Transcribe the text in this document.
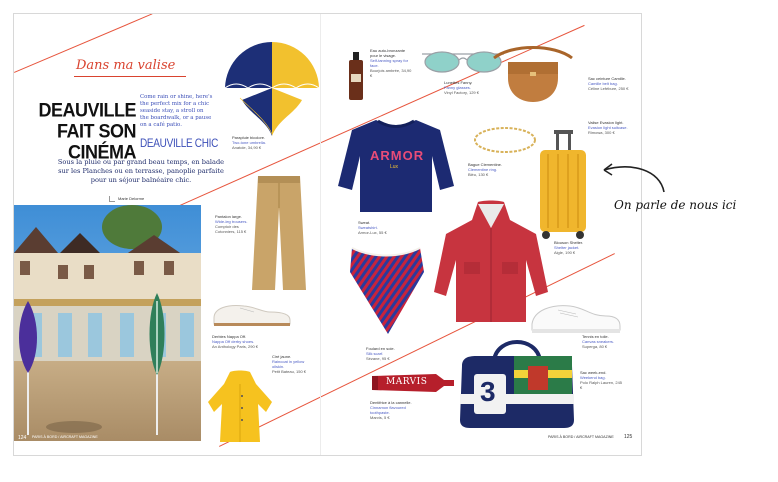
Dans ma valise
DEAUVILLE
FAIT SON
CINÉMA
Come rain or shine, here's the perfect mix for a chic seaside stay, a stroll on the boardwalk, or a pause on a café patio.
DEAUVILLE CHIC
Sous la pluie ou par grand beau temps, en balade sur les Planches ou en terrasse, panoplie parfaite pour un séjour balnéaire chic.
Marie Delorme
Parapluie bicolore.
Two-tone umbrella.
Anatole, 34,90 €
Pantalon large.
Wide-leg trousers.
Comptoir des Cotonniers, 115 €
Derbies Nappa Off.
Nappa Off derby shoes.
An Anthology Paris, 290 €
Ciré jaune.
Raincoat in yellow oilskin.
Petit Bateau, 150 €
124 PARIS À BORD / AIRCRAFT MAGAZINE
Eau auto-bronzante pour le visage.
Self-tanning spray for face.
Bourjois ambrée, 34,90 €
Lunettes Fanny.
Fanny glasses.
Vinyl Factory, 129 €
Sac ceinture Camille.
Camille belt bag.
Céline Lefébure, 250 €
ARMOR
Lux
Sweat.
Sweatshirt.
Armor-Lux, 55 €
Bague Clementine.
Clementine ring.
Bléu, 130 €
Valise Evasion light.
Evasion light suitcase.
Rimowa, 300 €
Foulard en soie.
Silk scarf.
Sézane, 95 €
Blouson Shelter.
Shelter jacket.
Aigle, 190 €
Tennis en toile.
Canvas sneakers.
Superga, 80 €
MARVIS
Dentifrice à la cannelle.
Cinnamon flavoured toothpaste.
Marvis, 5 €
3
Sac week-end.
Weekend bag.
Polo Ralph Lauren, 245 €
PARIS À BORD / AIRCRAFT MAGAZINE 125
On parle de nous ici
